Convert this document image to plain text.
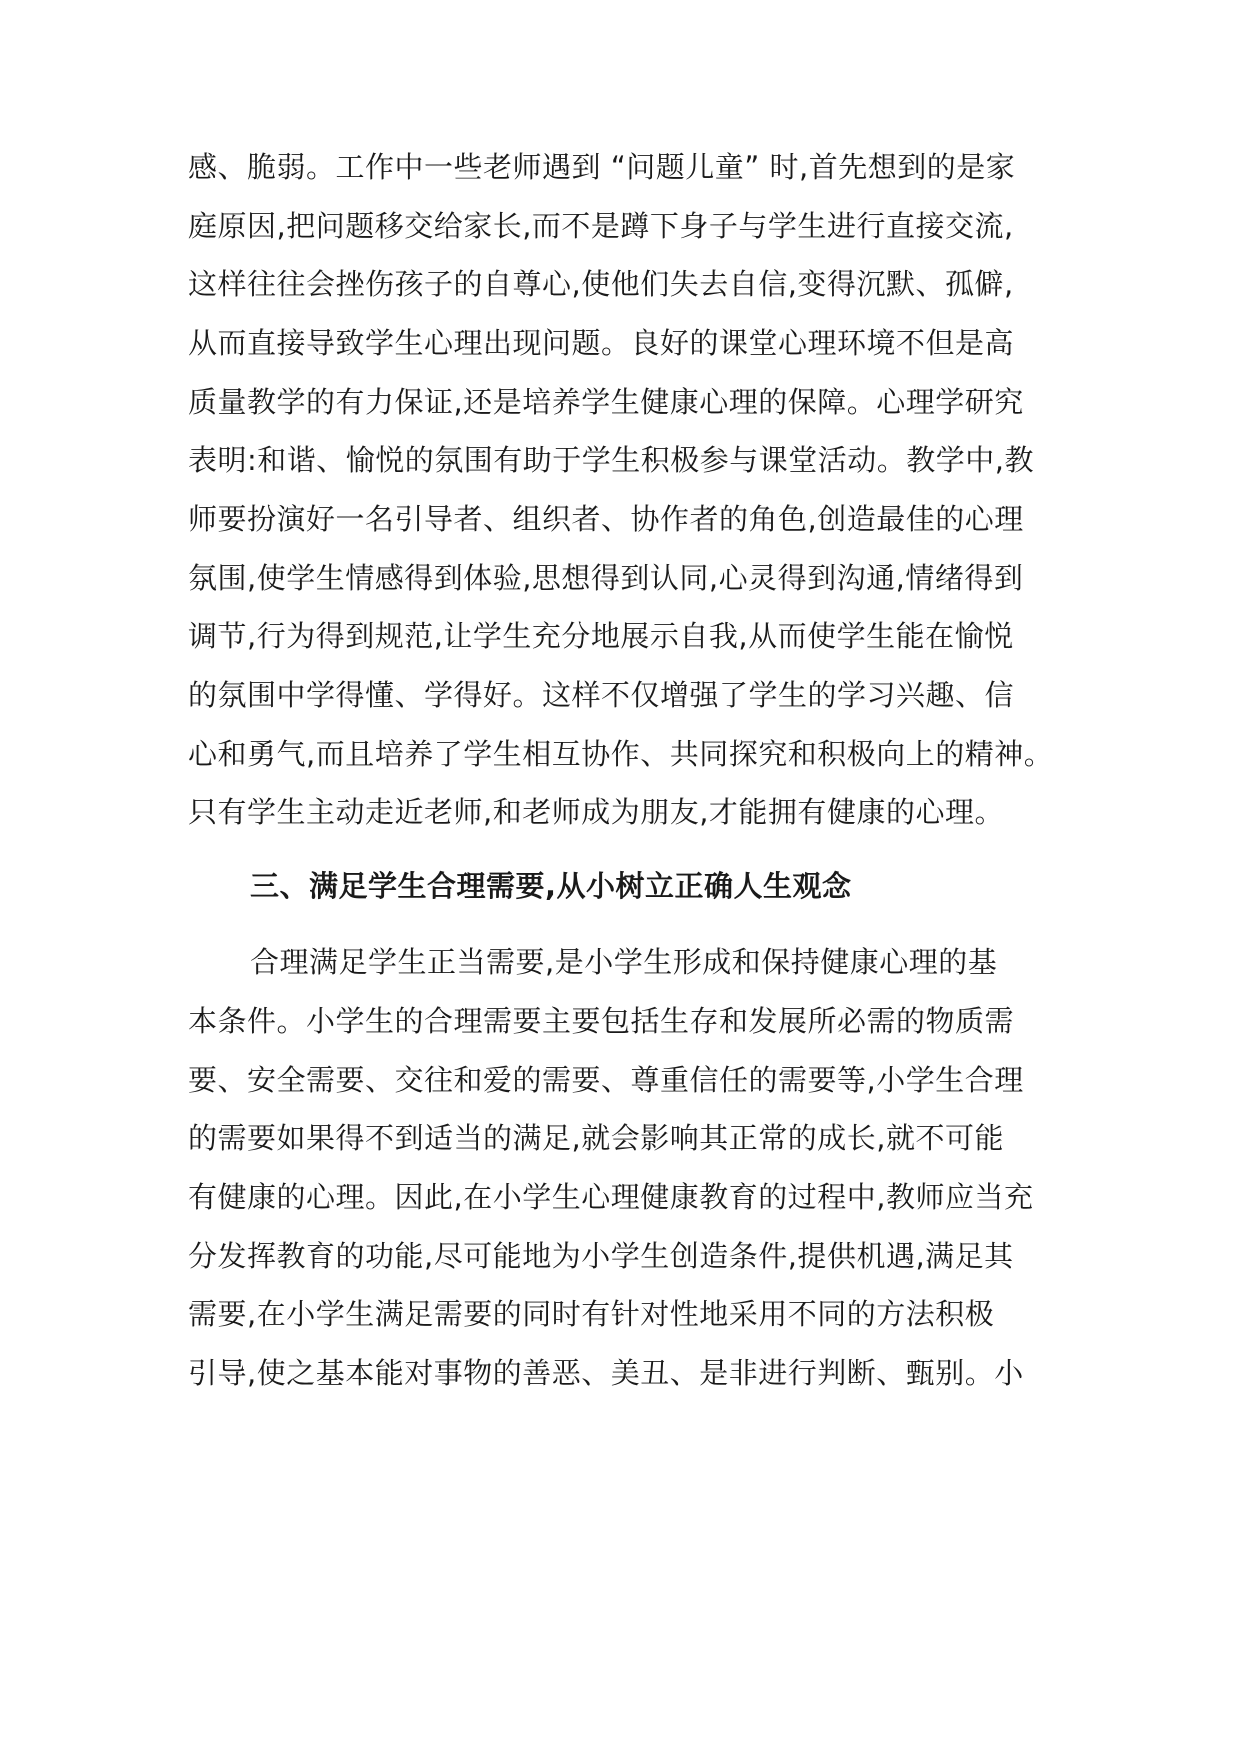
感、脆弱。工作中一些老师遇到 “问题儿童” 时,首先想到的是家
庭原因,把问题移交给家长,而不是蹲下身子与学生进行直接交流,
这样往往会挫伤孩子的自尊心,使他们失去自信,变得沉默、孤僻,
从而直接导致学生心理出现问题。良好的课堂心理环境不但是高
质量教学的有力保证,还是培养学生健康心理的保障。心理学研究
表明:和谐、愉悦的氛围有助于学生积极参与课堂活动。教学中,教
师要扮演好一名引导者、组织者、协作者的角色,创造最佳的心理
氛围,使学生情感得到体验,思想得到认同,心灵得到沟通,情绪得到
调节,行为得到规范,让学生充分地展示自我,从而使学生能在愉悦
的氛围中学得懂、学得好。这样不仅增强了学生的学习兴趣、信
心和勇气,而且培养了学生相互协作、共同探究和积极向上的精神。
只有学生主动走近老师,和老师成为朋友,才能拥有健康的心理。
三、满足学生合理需要,从小树立正确人生观念
合理满足学生正当需要,是小学生形成和保持健康心理的基
本条件。小学生的合理需要主要包括生存和发展所必需的物质需
要、安全需要、交往和爱的需要、尊重信任的需要等,小学生合理
的需要如果得不到适当的满足,就会影响其正常的成长,就不可能
有健康的心理。因此,在小学生心理健康教育的过程中,教师应当充
分发挥教育的功能,尽可能地为小学生创造条件,提供机遇,满足其
需要,在小学生满足需要的同时有针对性地采用不同的方法积极
引导,使之基本能对事物的善恶、美丑、是非进行判断、甄别。小
